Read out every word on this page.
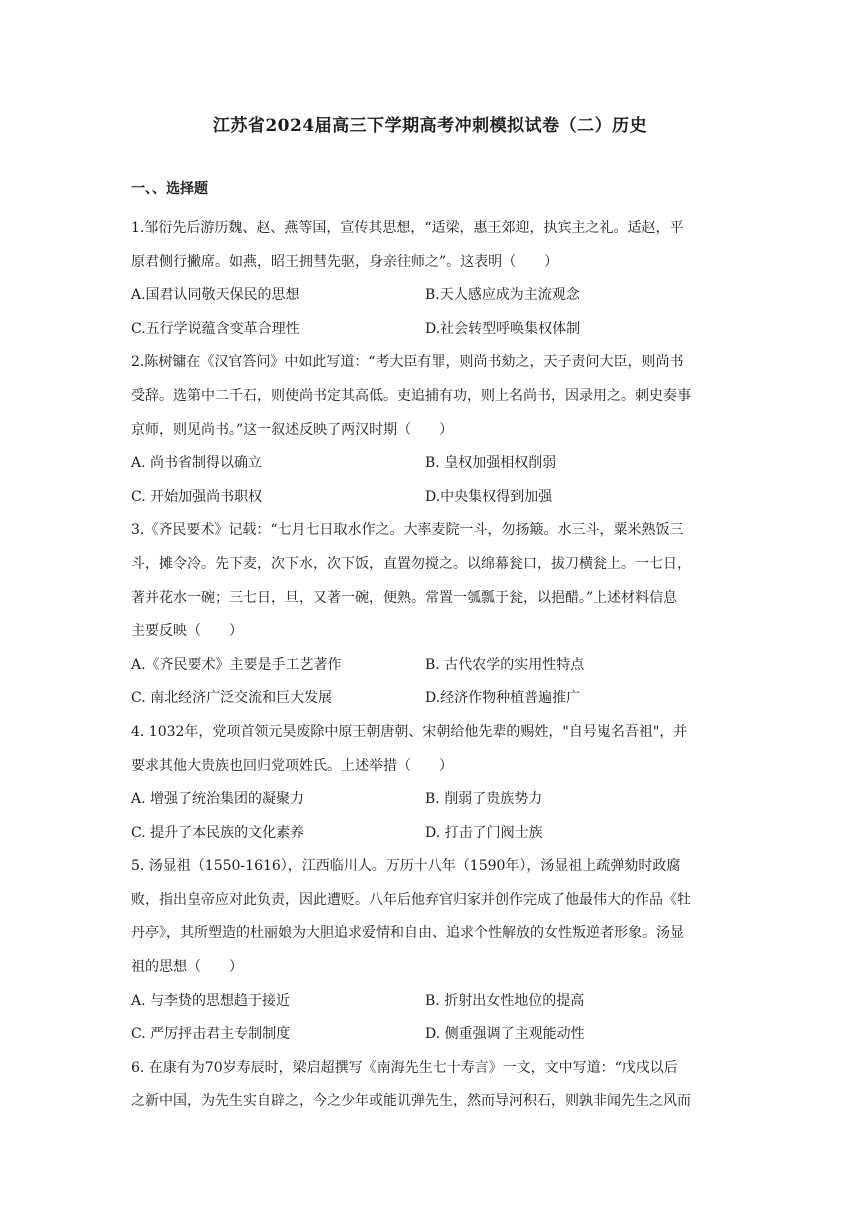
江苏省2024届高三下学期高考冲刺模拟试卷（二）历史
一、、选择题
1.邹衍先后游历魏、赵、燕等国，宣传其思想，“适梁，惠王郊迎，执宾主之礼。适赵，平
原君侧行撇席。如燕，昭王拥彗先驱，身亲往师之”。这表明（　　）
A.国君认同敬天保民的思想	B.天人感应成为主流观念
C.五行学说蕴含变革合理性	D.社会转型呼唤集权体制
2.陈树镛在《汉官答问》中如此写道：“考大臣有罪，则尚书劾之，天子责问大臣，则尚书
受辞。选第中二千石，则使尚书定其高低。吏追捕有功，则上名尚书，因录用之。刺史奏事
京师，则见尚书。”这一叙述反映了两汉时期（　　）
A. 尚书省制得以确立	B. 皇权加强相权削弱
C. 开始加强尚书职权	D.中央集权得到加强
3.《齐民要术》记载：“七月七日取水作之。大率麦院一斗，勿扬簸。水三斗，粟米熟饭三
斗，摊令冷。先下麦，次下水，次下饭，直置勿搅之。以绵幕瓮口，拔刀横瓮上。一七日，
著并花水一碗；三七日，旦，又著一碗，便熟。常置一瓠瓢于瓮，以挹醋。”上述材料信息
主要反映（　　）
A.《齐民要术》主要是手工艺著作	B. 古代农学的实用性特点
C. 南北经济广泛交流和巨大发展	D.经济作物种植普遍推广
4. 1032年，党项首领元昊废除中原王朝唐朝、宋朝给他先辈的赐姓，"自号嵬名吾祖"，并
要求其他大贵族也回归党项姓氏。上述举措（　　）
A. 增强了统治集团的凝聚力	B. 削弱了贵族势力
C. 提升了本民族的文化素养	D. 打击了门阀士族
5. 汤显祖（1550-1616），江西临川人。万历十八年（1590年），汤显祖上疏弹劾时政腐
败，指出皇帝应对此负责，因此遭贬。八年后他弃官归家并创作完成了他最伟大的作品《牡
丹亭》，其所塑造的杜丽娘为大胆追求爱情和自由、追求个性解放的女性叛逆者形象。汤显
祖的思想（　　）
A. 与李贽的思想趋于接近	B. 折射出女性地位的提高
C. 严厉抨击君主专制制度	D. 侧重强调了主观能动性
6. 在康有为70岁寿辰时，梁启超撰写《南海先生七十寿言》一文，文中写道：“戊戌以后
之新中国，为先生实自辟之，今之少年或能讥弹先生，然而导河积石，则孰非闻先生之风而
